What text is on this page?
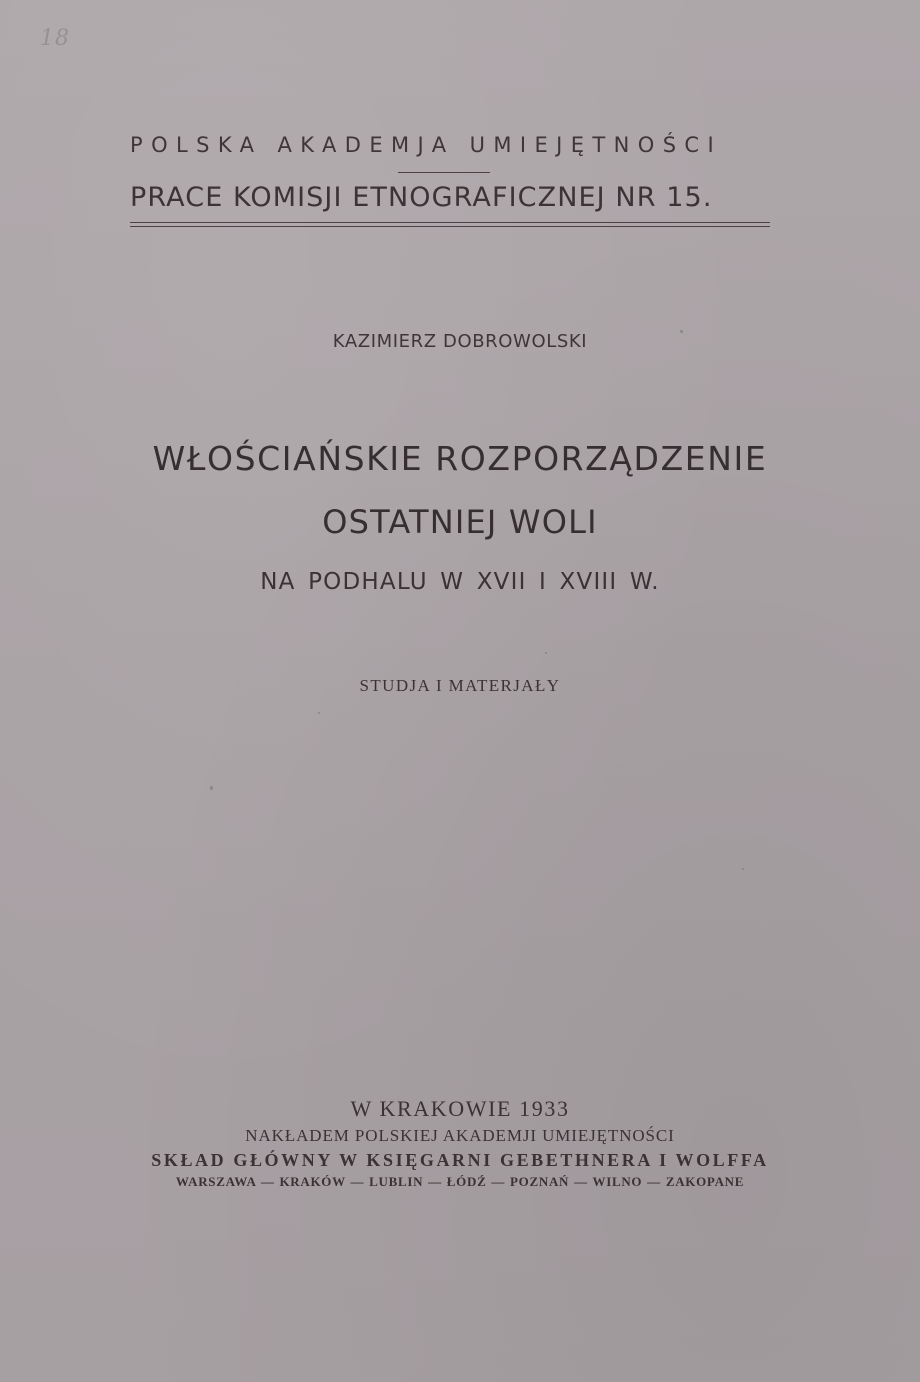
18
POLSKA AKADEMJA UMIEJĘTNOŚCI
PRACE KOMISJI ETNOGRAFICZNEJ NR 15.
KAZIMIERZ DOBROWOLSKI
WŁOŚCIAŃSKIE ROZPORZĄDZENIE
OSTATNIEJ WOLI
NA PODHALU W XVII I XVIII W.
STUDJA I MATERJAŁY
W KRAKOWIE 1933
NAKŁADEM POLSKIEJ AKADEMJI UMIEJĘTNOŚCI
SKŁAD GŁÓWNY W KSIĘGARNI GEBETHNERA I WOLFFA
WARSZAWA — KRAKÓW — LUBLIN — ŁÓDŹ — POZNAŃ — WILNO — ZAKOPANE
